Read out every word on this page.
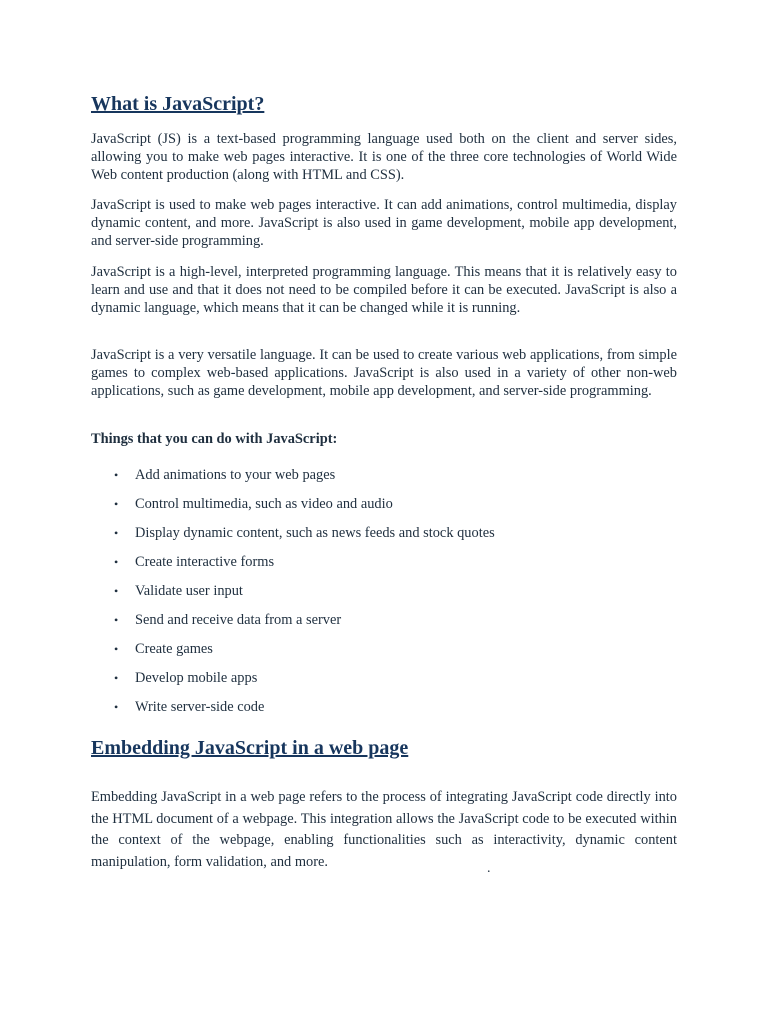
What is JavaScript?

JavaScript (JS) is a text-based programming language used both on the client and server sides, allowing you to make web pages interactive. It is one of the three core technologies of World Wide Web content production (along with HTML and CSS).

JavaScript is used to make web pages interactive. It can add animations, control multimedia, display dynamic content, and more. JavaScript is also used in game development, mobile app development, and server-side programming.

JavaScript is a high-level, interpreted programming language. This means that it is relatively easy to learn and use and that it does not need to be compiled before it can be executed. JavaScript is also a dynamic language, which means that it can be changed while it is running.

JavaScript is a very versatile language. It can be used to create various web applications, from simple games to complex web-based applications. JavaScript is also used in a variety of other non-web applications, such as game development, mobile app development, and server-side programming.

Things that you can do with JavaScript:

• Add animations to your web pages
• Control multimedia, such as video and audio
• Display dynamic content, such as news feeds and stock quotes
• Create interactive forms
• Validate user input
• Send and receive data from a server
• Create games
• Develop mobile apps
• Write server-side code
Embedding JavaScript in a web page

Embedding JavaScript in a web page refers to the process of integrating JavaScript code directly into the HTML document of a webpage. This integration allows the JavaScript code to be executed within the context of the webpage, enabling functionalities such as interactivity, dynamic content manipulation, form validation, and more.	.
